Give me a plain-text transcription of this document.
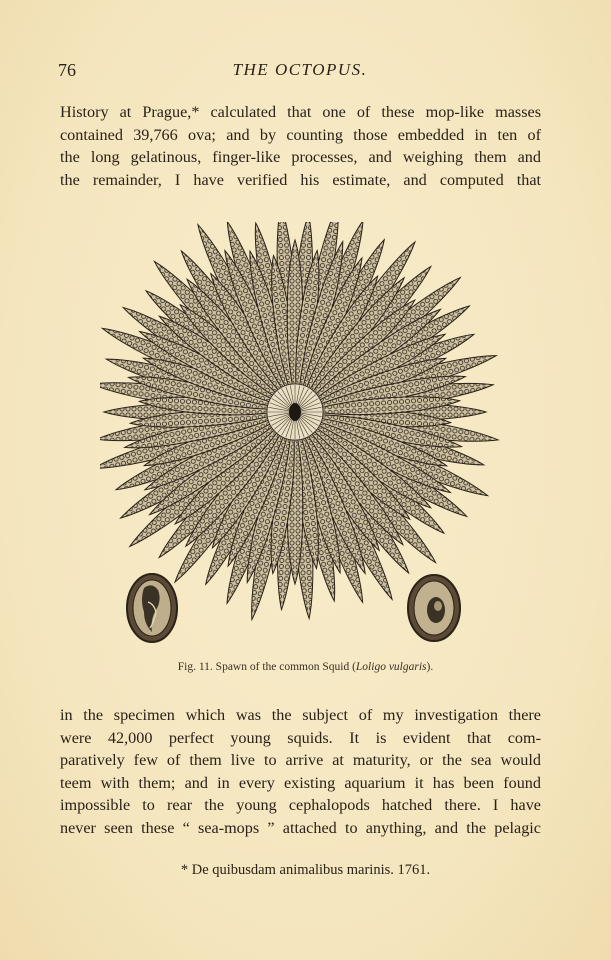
76	THE OCTOPUS.
History at Prague,* calculated that one of these mop-like masses
contained 39,766 ova; and by counting those embedded in ten of
the long gelatinous, finger-like processes, and weighing them and
the remainder, I have verified his estimate, and computed that
Fig. 11. Spawn of the common Squid (Loligo vulgaris).
in the specimen which was the subject of my investigation there
were 42,000 perfect young squids. It is evident that com-
paratively few of them live to arrive at maturity, or the sea would
teem with them; and in every existing aquarium it has been found
impossible to rear the young cephalopods hatched there. I have
never seen these “ sea-mops ” attached to anything, and the pelagic
* De quibusdam animalibus marinis. 1761.
